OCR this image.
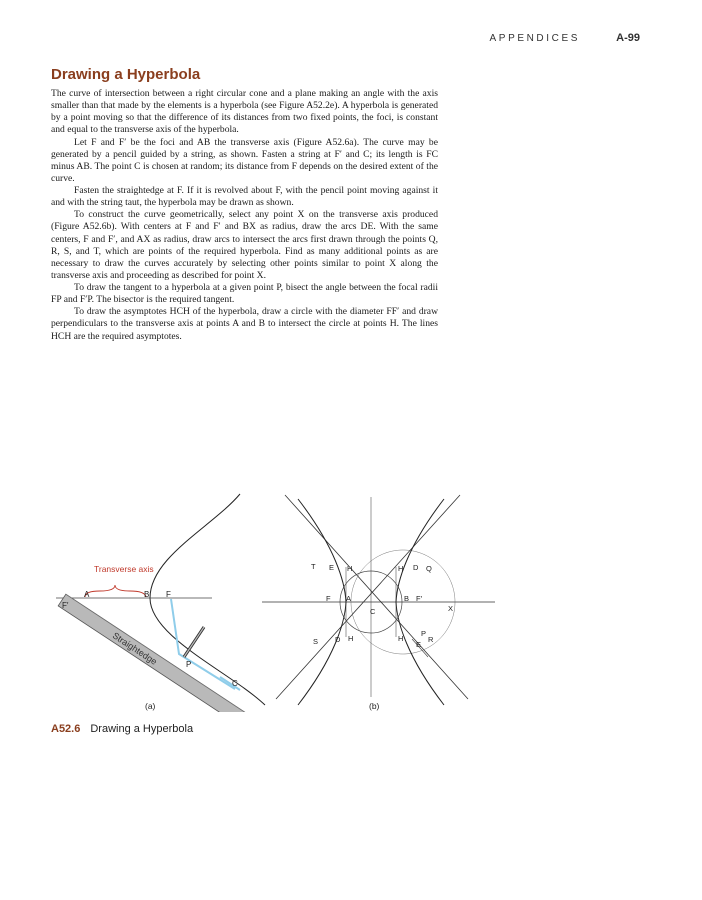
APPENDICES	A-99
Drawing a Hyperbola

The curve of intersection between a right circular cone and a plane making an angle with the axis smaller than that made by the elements is a hyperbola (see Figure A52.2e). A hyperbola is generated by a point moving so that the difference of its distances from two fixed points, the foci, is constant and equal to the transverse axis of the hyperbola.

Let F and F′ be the foci and AB the transverse axis (Figure A52.6a). The curve may be generated by a pencil guided by a string, as shown. Fasten a string at F′ and C; its length is FC minus AB. The point C is chosen at random; its distance from F depends on the desired extent of the curve.

Fasten the straightedge at F. If it is revolved about F, with the pencil point moving against it and with the string taut, the hyperbola may be drawn as shown.

To construct the curve geometrically, select any point X on the transverse axis produced (Figure A52.6b). With centers at F and F′ and BX as radius, draw the arcs DE. With the same centers, F and F′, and AX as radius, draw arcs to intersect the arcs first drawn through the points Q, R, S, and T, which are points of the required hyperbola. Find as many additional points as are necessary to draw the curves accurately by selecting other points similar to point X along the transverse axis and proceeding as described for point X.

To draw the tangent to a hyperbola at a given point P, bisect the angle between the focal radii FP and F′P. The bisector is the required tangent.

To draw the asymptotes HCH of the hyperbola, draw a circle with the diameter FF′ and draw perpendiculars to the transverse axis at points A and B to intersect the circle at points H. The lines HCH are the required asymptotes.

Straightedge
Transverse axis
A	B F
F′
P
C
(a)
T E H	H D Q
F A	B F′
C	X
S D H	H
P
R
E
(b)
A52.6 Drawing a Hyperbola
